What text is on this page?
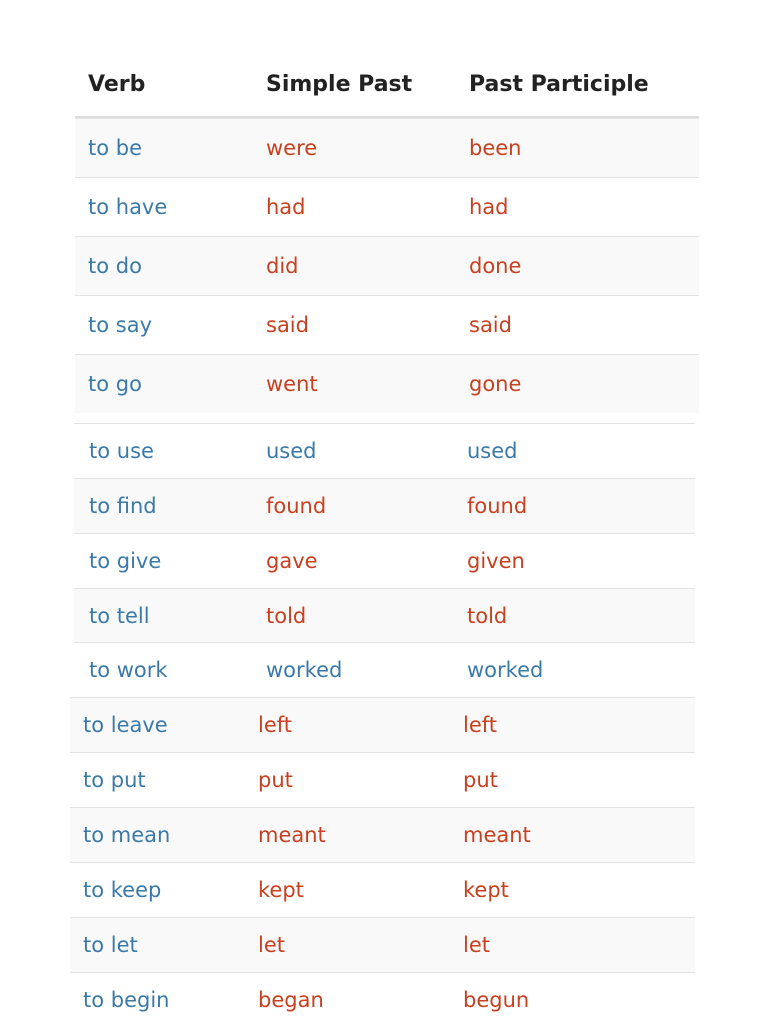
Verb	Simple Past	Past Participle
to be	were	been
to have	had	had
to do	did	done
to say	said	said
to go	went	gone
to use	used	used
to find	found	found
to give	gave	given
to tell	told	told
to work	worked	worked
to leave	left	left
to put	put	put
to mean	meant	meant
to keep	kept	kept
to let	let	let
to begin	began	begun
